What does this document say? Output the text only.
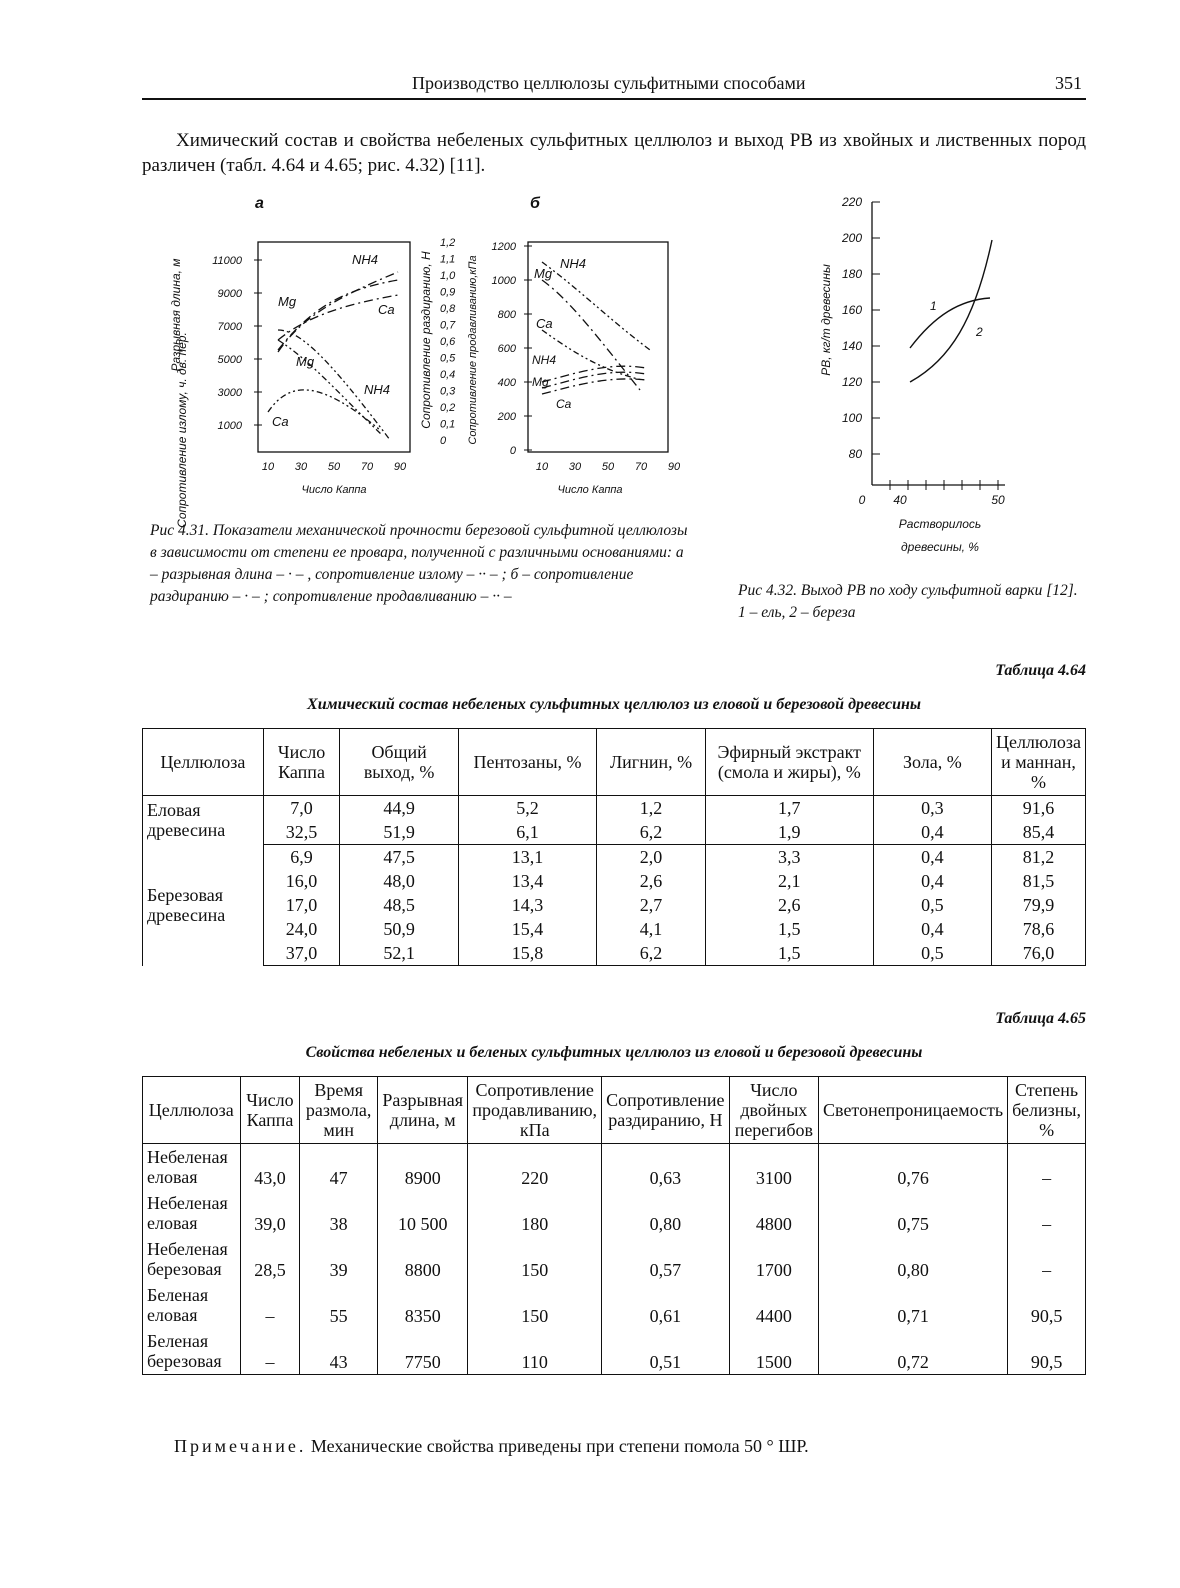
Производство целлюлозы сульфитными способами	351
Химический состав и свойства небеленых сульфитных целлюлоз и выход РВ из хвойных и лиственных пород различен (табл. 4.64 и 4.65; рис. 4.32) [11].
а
11000
9000
7000
5000
3000
1000
Разрывная длина, м
Сопротивление излому, ч. дв. пер.
1,2
1,1
1,0
0,9
0,8
0,7
0,6
0,5
0,4
0,3
0,2
0,1
0
Сопротивление раздиранию, Н
10 30 50 70 90
Число Каппа
NH4
Ca
Mg
Mg
NH4
Ca
б
1200
1000
800
600
400
200
0
Сопротивление продавливанию,кПа
10 30 50 70 90
Число Каппа
NH4
Mg
Ca
NH4
Mg
Ca
220
200
180
160
140
120
100
80
РВ, кг/т древесины
0 40	50
Растворилось
1
2
древесины, %
Рис 4.31. Показатели механической прочности березовой сульфитной целлюлозы в зависимости от степени ее провара, полученной с различными основаниями: а – разрывная длина – · – , сопротивление излому – ·· – ; б – сопротивление раздиранию – · – ; сопротивление продавливанию – ·· –	Рис 4.32. Выход РВ по ходу сульфитной варки [12]. 1 – ель, 2 – береза
Таблица 4.64
Химический состав небеленых сульфитных целлюлоз из еловой и березовой древесины
Целлюлоза	Число Каппа	Общий выход, %	Пентозаны, %	Лигнин, %	Эфирный экстракт (смола и жиры), %	Зола, %	Целлюлоза и маннан, %
Еловая древесина	7,0	44,9	5,2	1,2	1,7	0,3	91,6
	32,5	51,9	6,1	6,2	1,9	0,4	85,4
Березовая древесина	6,9	47,5	13,1	2,0	3,3	0,4	81,2
	16,0	48,0	13,4	2,6	2,1	0,4	81,5
	17,0	48,5	14,3	2,7	2,6	0,5	79,9
	24,0	50,9	15,4	4,1	1,5	0,4	78,6
	37,0	52,1	15,8	6,2	1,5	0,5	76,0
Таблица 4.65
Свойства небеленых и беленых сульфитных целлюлоз из еловой и березовой древесины
Целлюлоза	Число Каппа	Время размола, мин	Разрывная длина, м	Сопротивление продавливанию, кПа	Сопротивление раздиранию, Н	Число двойных перегибов	Светонепроницаемость	Степень белизны, %
Небеленая еловая	43,0	47	8900	220	0,63	3100	0,76	–
Небеленая еловая	39,0	38	10 500	180	0,80	4800	0,75	–
Небеленая березовая	28,5	39	8800	150	0,57	1700	0,80	–
Беленая еловая	–	55	8350	150	0,61	4400	0,71	90,5
Беленая березовая	–	43	7750	110	0,51	1500	0,72	90,5
Примечание. Механические свойства приведены при степени помола 50 ° ШР.
